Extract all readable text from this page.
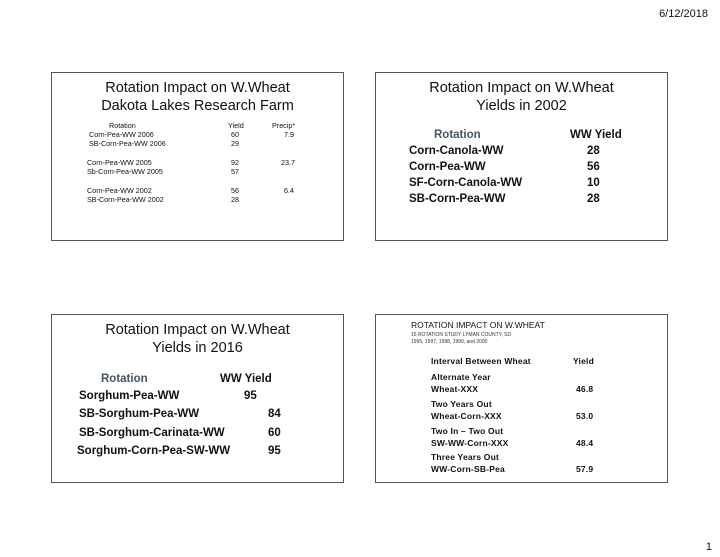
6/12/2018
Rotation Impact on W.Wheat
Dakota Lakes Research Farm
Rotation	Yield	Precip*
Corn-Pea-WW 2006	60	7.9
SB-Corn-Pea-WW 2006	29
Corn-Pea-WW 2005	92	23.7
Sb-Corn-Pea-WW 2005	57
Corn-Pea-WW 2002	56	6.4
SB-Corn-Pea-WW 2002	28
Rotation Impact on W.Wheat
Yields in 2002
Rotation	WW Yield
Corn-Canola-WW	28
Corn-Pea-WW	56
SF-Corn-Canola-WW	10
SB-Corn-Pea-WW	28
Rotation Impact on W.Wheat
Yields in 2016
Rotation	WW Yield
Sorghum-Pea-WW	95
SB-Sorghum-Pea-WW	84
SB-Sorghum-Carinata-WW	60
Sorghum-Corn-Pea-SW-WW	95
ROTATION IMPACT ON W.WHEAT
15 ROTATION STUDY LYMAN COUNTY, SD
1995, 1997, 1998, 1999, and 2000
Interval Between Wheat	Yield
Alternate Year
Wheat-XXX	46.8
Two Years Out
Wheat-Corn-XXX	53.0
Two In – Two Out
SW-WW-Corn-XXX	48.4
Three Years Out
WW-Corn-SB-Pea	57.9
1
